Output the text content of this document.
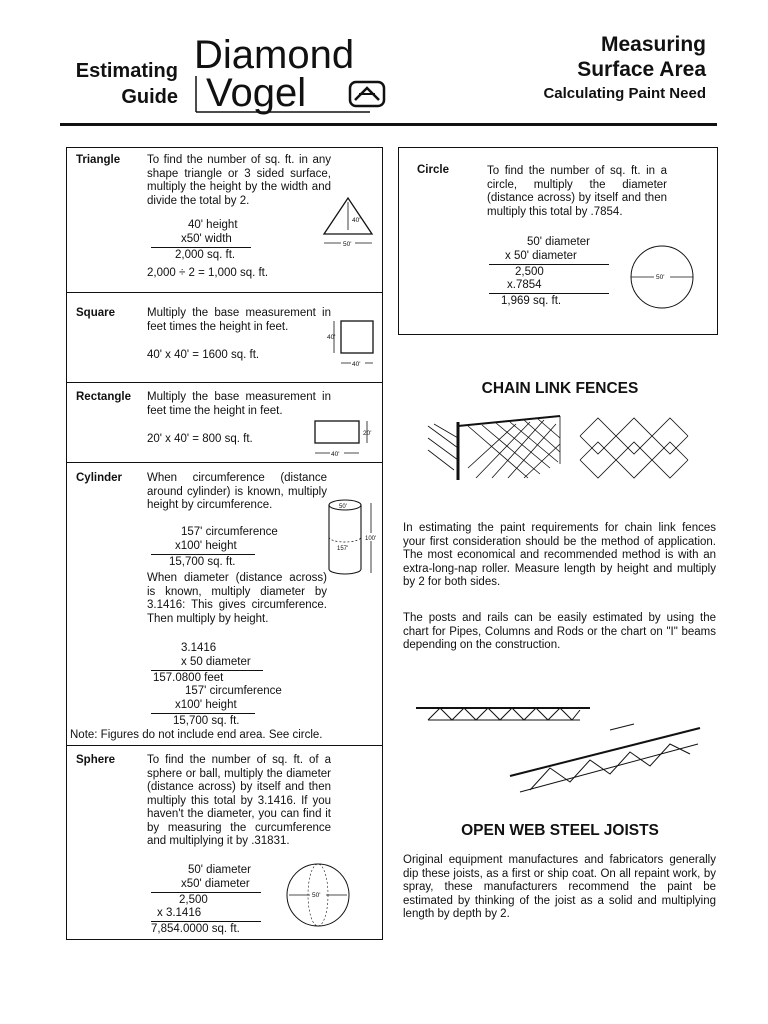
Estimating
Guide
Diamond
Vogel
Measuring
Surface Area
Calculating Paint Need
Triangle To find the number of sq. ft. in any shape triangle or 3 sided surface, multiply the height by the width and divide the total by 2.
40' height
x50' width
2,000 sq. ft.
2,000 ÷ 2 = 1,000 sq. ft.
40'
50'
Square	Multiply the base measurement in feet times the height in feet.
40' x 40' = 1600 sq. ft.
40'
40'
Rectangle Multiply the base measurement in feet time the height in feet.
20' x 40' = 800 sq. ft.	20'
40'
Cylinder When circumference (distance around cylinder) is known, multiply height by circumference.
157' circumference
x100' height
15,700 sq. ft.
When diameter (distance across) is known, multiply diameter by 3.1416: This gives circumference. Then multiply by height.
3.1416
x 50 diameter
157.0800 feet
157' circumference
x100' height
15,700 sq. ft.
50'
157'
100'
Note: Figures do not include end area. See circle.
Sphere	To find the number of sq. ft. of a sphere or ball, multiply the diameter (distance across) by itself and then multiply this total by 3.1416. If you haven't the diameter, you can find it by measuring the curcumference and multiplying it by .31831.
50' diameter
x50' diameter
2,500
x 3.1416
7,854.0000 sq. ft.
50'
Circle	To find the number of sq. ft. in a circle, multiply the diameter (distance across) by itself and then multiply this total by .7854.
50' diameter
x 50' diameter
2,500
x.7854
1,969 sq. ft.
50'
CHAIN LINK FENCES
In estimating the paint requirements for chain link fences your first consideration should be the method of application. The most economical and recommended method is with an extra-long-nap roller. Measure length by height and multiply by 2 for both sides.
The posts and rails can be easily estimated by using the chart for Pipes, Columns and Rods or the chart on "I" beams depending on the construction.
OPEN WEB STEEL JOISTS
Original equipment manufactures and fabricators generally dip these joists, as a first or ship coat. On all repaint work, by spray, these manufacturers recommend the paint be estimated by thinking of the joist as a solid and multiplying length by depth by 2.
